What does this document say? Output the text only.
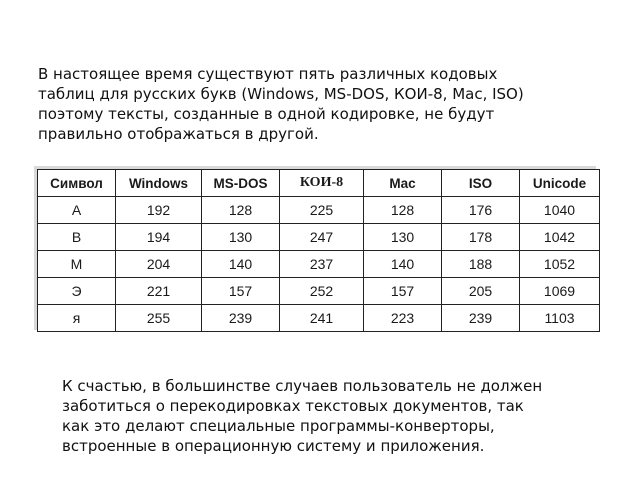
В настоящее время существуют пять различных кодовых
таблиц для русских букв (Windows, MS-DOS, КОИ-8, Mac, ISO)
поэтому тексты, созданные в одной кодировке, не будут
правильно отображаться в другой.

Символ	Windows	MS-DOS	КОИ-8	Mac	ISO	Unicode
А	192	128	225	128	176	1040
В	194	130	247	130	178	1042
М	204	140	237	140	188	1052
Э	221	157	252	157	205	1069
я	255	239	241	223	239	1103

К счастью, в большинстве случаев пользователь не должен
заботиться о перекодировках текстовых документов, так
как это делают специальные программы-конверторы,
встроенные в операционную систему и приложения.
